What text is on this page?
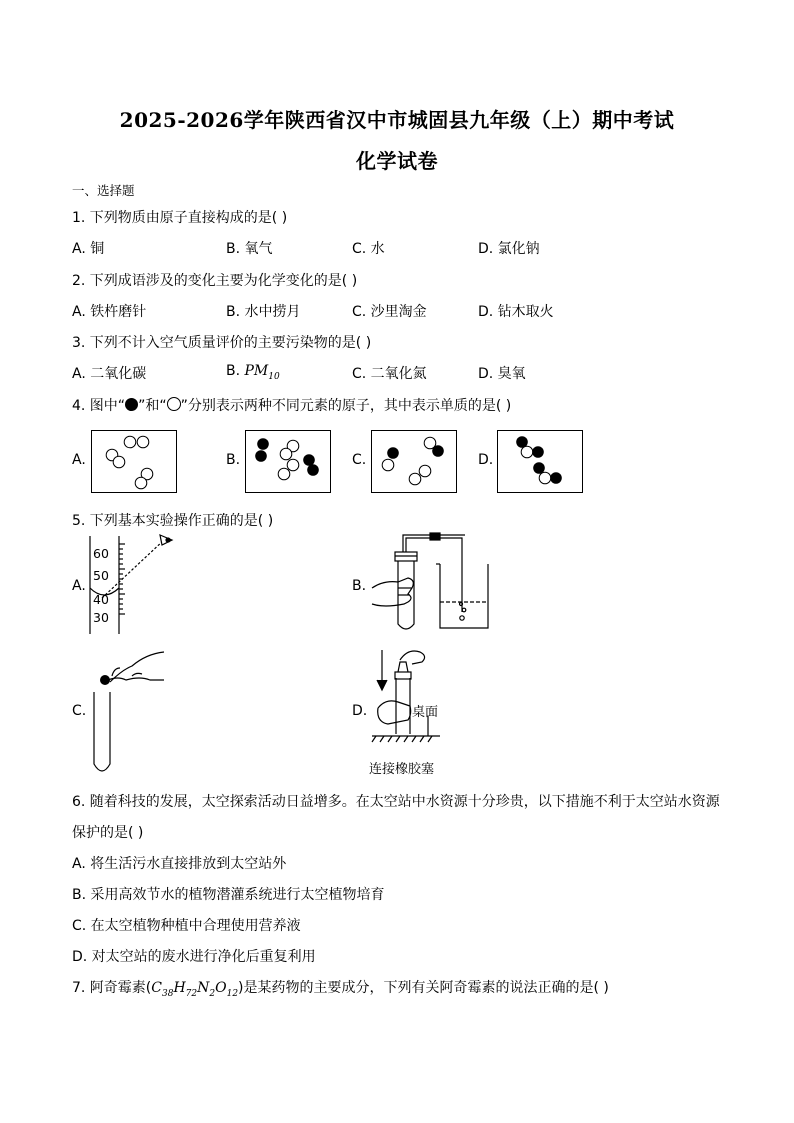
2025-2026学年陕西省汉中市城固县九年级（上）期中考试
化学试卷
一、选择题
1. 下列物质由原子直接构成的是( )
A. 铜	B. 氧气	C. 水	D. 氯化钠
2. 下列成语涉及的变化主要为化学变化的是( )
A. 铁杵磨针	B. 水中捞月	C. 沙里淘金	D. 钻木取火
3. 下列不计入空气质量评价的主要污染物的是( )
A. 二氧化碳	B. $PM_{10}$	C. 二氧化氮	D. 臭氧
4. 图中“ ”和“ ”分别表示两种不同元素的原子，其中表示单质的是( )
A.	B.	C.	D.
5. 下列基本实验操作正确的是( )
A.
60
50
40
30
B.
C.	D.	桌面
连接橡胶塞
6. 随着科技的发展，太空探索活动日益增多。在太空站中水资源十分珍贵，以下措施不利于太空站水资源
保护的是( )
A. 将生活污水直接排放到太空站外
B. 采用高效节水的植物潜灌系统进行太空植物培育
C. 在太空植物种植中合理使用营养液
D. 对太空站的废水进行净化后重复利用
7. 阿奇霉素$(C_{38}H_{72}N_2O_{12})$是某药物的主要成分，下列有关阿奇霉素的说法正确的是( )
